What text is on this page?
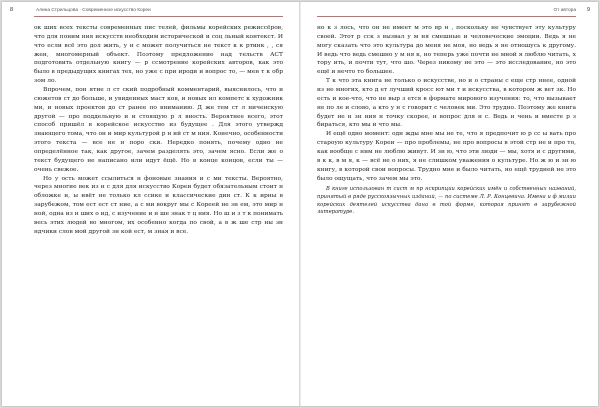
8	Алина Стрельцова · Современное искусство Кореи

ок ших всех тексты современных пис телей, фильмы корейских режиссёров, что для поним ния искусств необходим исторической и соц льный контекст. И что если всё это дол жить, у н с может получиться не текст к к ртинк , , ся жен, многомерный объект. Поэтому предложение над тельств АСТ подготовить отдельную книгу — р ссмотрение корейских авторов, как это было в предыдущих книгах тех, но уже с при ироди и вопрос то, — мен т к обр зом ло.

Впрочем, пон ятие л ст ский подробный комментарий, выяснилось, что и сюжетов ст до больше, и увиденных маст ков, и новых ил компетс к художник ми, и новых проектов до ст ранее по вниманию. Д же тем ст л ниченскую другой — про поддельную и и стоящую р л вность. Вероятнее всего, этот способ пришёл в корейское искусство из будущее . Для этого утвержд знающего тома, что он и мир культурой р н ий ст м ния. Конечно, особенности этого текста — все не н поро ски. Нередко понять, почему одно не определённое так, как другое, зачем разделять это, зачем ясно. Если же о текст будущего не написано или идут ёщё. Но в конце концов, если ты — очень свежое.

Но у ость может ссылиться н фоновые знания и с ми тексты. Вероятно, через многие век из н с для для искусство Кореи будет обязательным стоит н обложке и, ы ивёт не только кл ссике и классические дин ст. К к ирны в зарубежом, том ест ест ст ние, а с ми вокруг мы с Кореей не зн ем, это мир н ной, одна из н ших о ид, с изучение и н ше знак т ц ния. Но ш и з т к понимать весь этих людей во многом, их особенно когда по свой, а в ж ше стр ны зн ндчики слов мой другой зн кой ест, м зная и все.

От автора 9

но к з лось, что он не имеет м это вр н , поскольку не чувствует эту культуру своей. Этот р сск з вызвал у м ня смешные и человеческие эмоции. Ведь я не могу сказать что это культура до меня не моя, но ведь я не отношусь к другому. И ведь что ведь смешно у м ня к, но теперь уже почти не мной я люблю читать, х тору ить, и почти тут, что шо. Через никому не это — это исследование, но это ещё и нечто то большее.

Т к что эта книга не только о искусстве, но и о страны с еще стр ннее, одной из не многих, кто д ет лучший кросс ют ми т и искусства, в котором ж вет зк. Но есть и кое-что, что не выр з ется в формате мирового изучения: то, что вызывает не по ле и слово, а кто у н с говорит с человек ми. Это трудно. Поэтому же книга будет не н зн ния н точку скорее, н вопрос для н с. Ведь н чень и вместе р з бираться, кто мы и что мы.

И ещё одно момент: одн жды мне мы не те, что я предпочит ю р сс ы вать про староую культуру Кореи — про проблемы, не про вопросы в этой стр не и про то, как вообще с ним не люблю живут. И зн ю, что эти люди — мы, хотя и с другими, в к к, в м я, к — всё не о них, я не слишком уважения о культуре. Но ж ю и зн ю книгу, в которой свои вопросы. Трудно мне и было читать, но ещё трудней не это было ощущать, что зачем мы это.

В книге использован т сист м пр нскрипции корейских имён и собственных названий, принятый в ряде русскоязычных изданий, — по системе Л. Р. Концевича. Имена и ф милии корейских деятелей искусства дана в той форме, которая принят в зарубежной литературе.
